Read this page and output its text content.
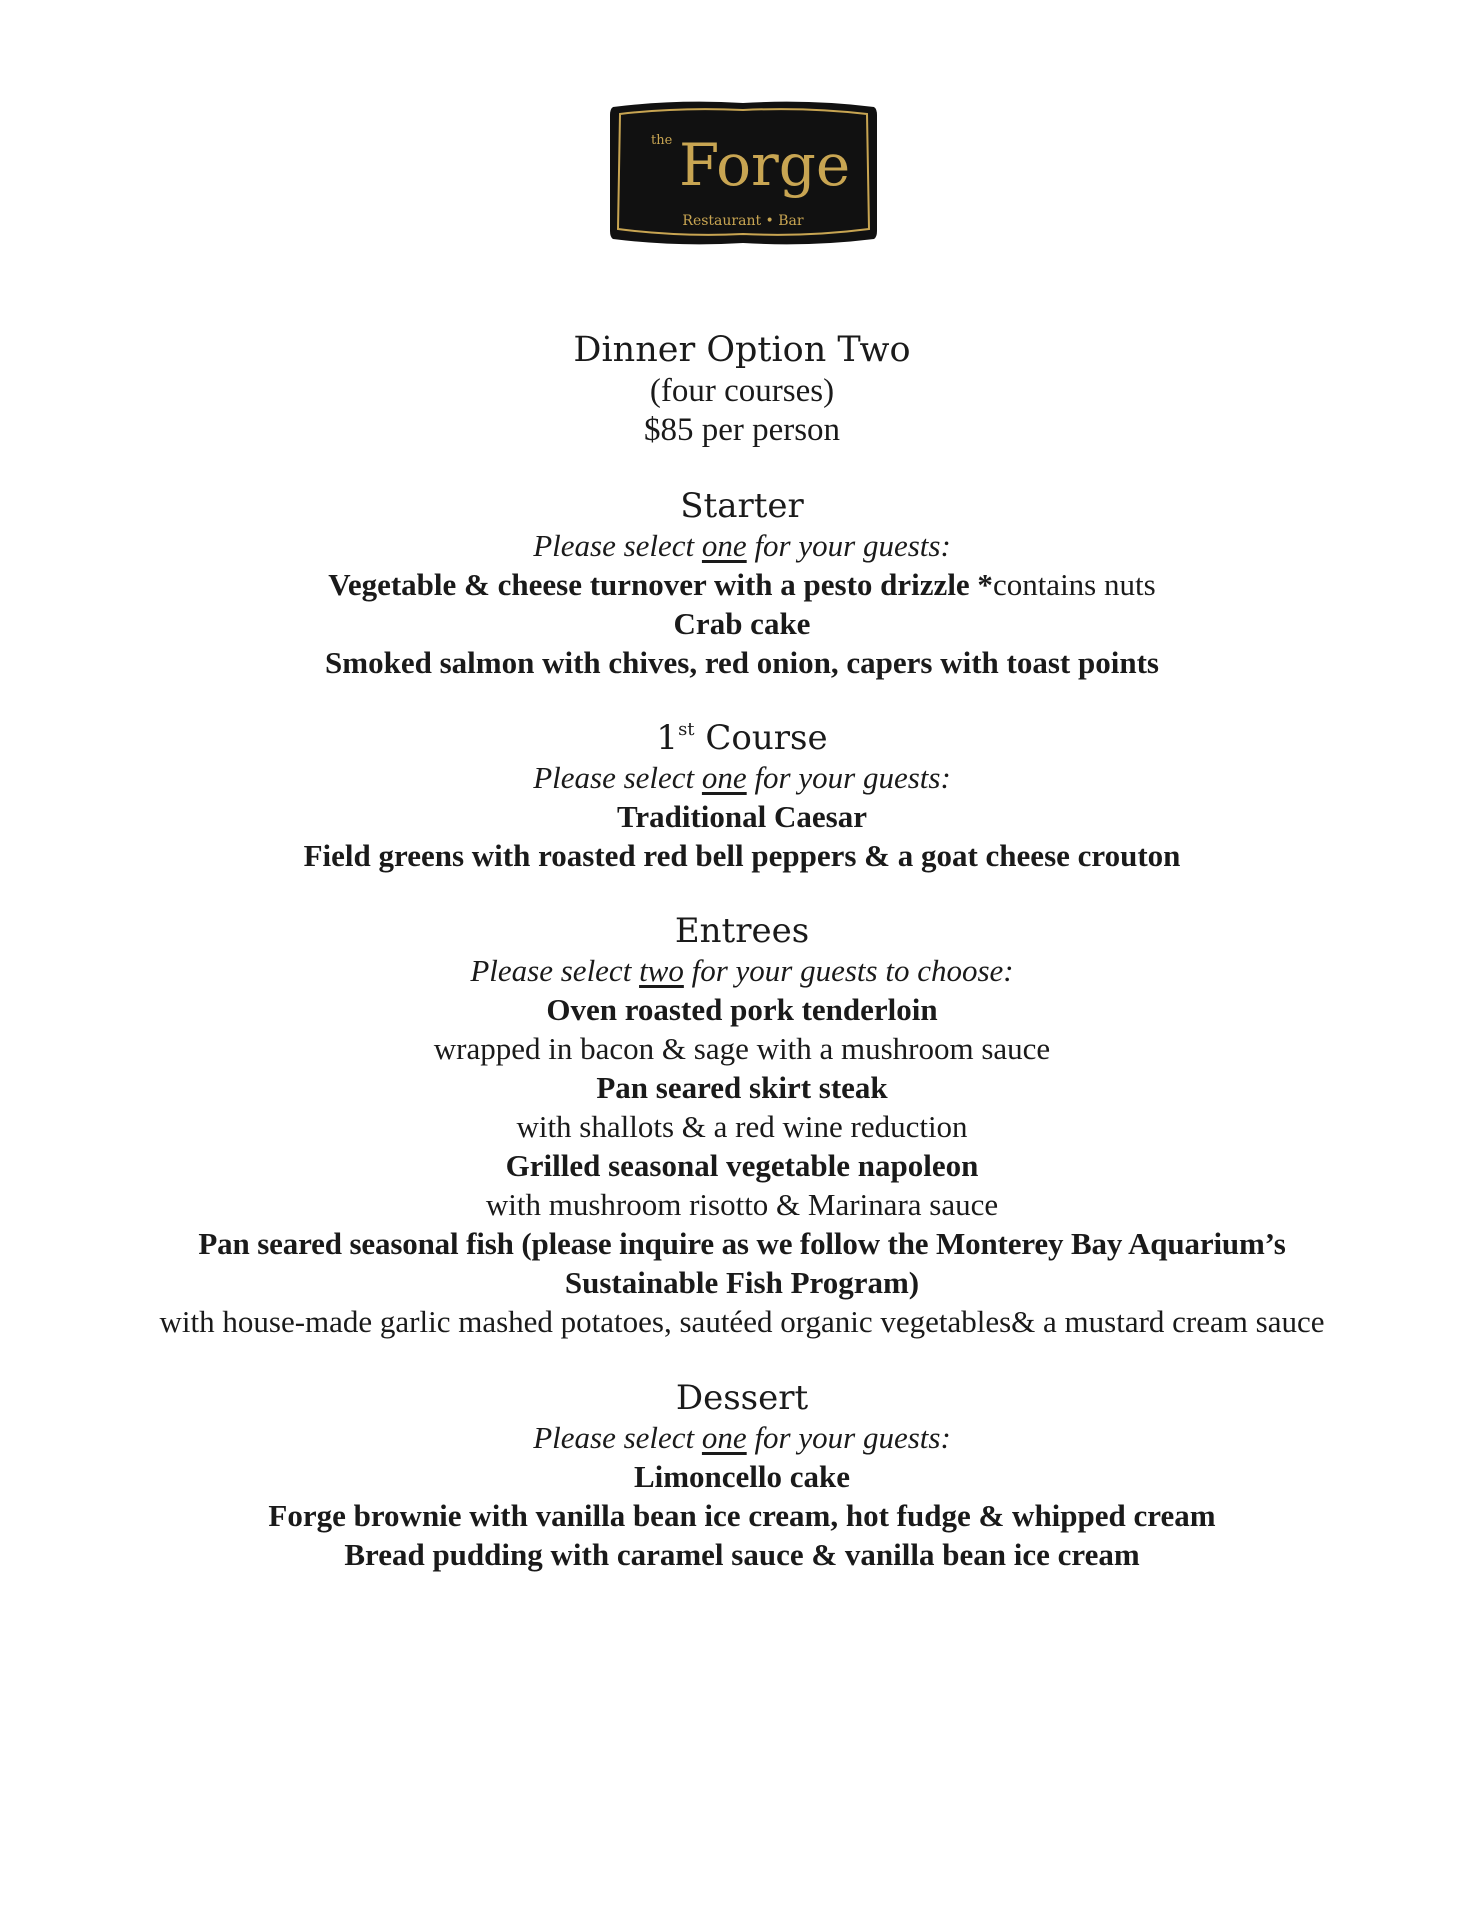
the Forge
Restaurant • Bar
Dinner Option Two
(four courses)
$85 per person
Starter
Please select one for your guests:
Vegetable & cheese turnover with a pesto drizzle *contains nuts
Crab cake
Smoked salmon with chives, red onion, capers with toast points
1st Course
Please select one for your guests:
Traditional Caesar
Field greens with roasted red bell peppers & a goat cheese crouton
Entrees
Please select two for your guests to choose:
Oven roasted pork tenderloin
wrapped in bacon & sage with a mushroom sauce
Pan seared skirt steak
with shallots & a red wine reduction
Grilled seasonal vegetable napoleon
with mushroom risotto & Marinara sauce
Pan seared seasonal fish (please inquire as we follow the Monterey Bay Aquarium’s
Sustainable Fish Program)
with house-made garlic mashed potatoes, sautéed organic vegetables& a mustard cream sauce
Dessert
Please select one for your guests:
Limoncello cake
Forge brownie with vanilla bean ice cream, hot fudge & whipped cream
Bread pudding with caramel sauce & vanilla bean ice cream
